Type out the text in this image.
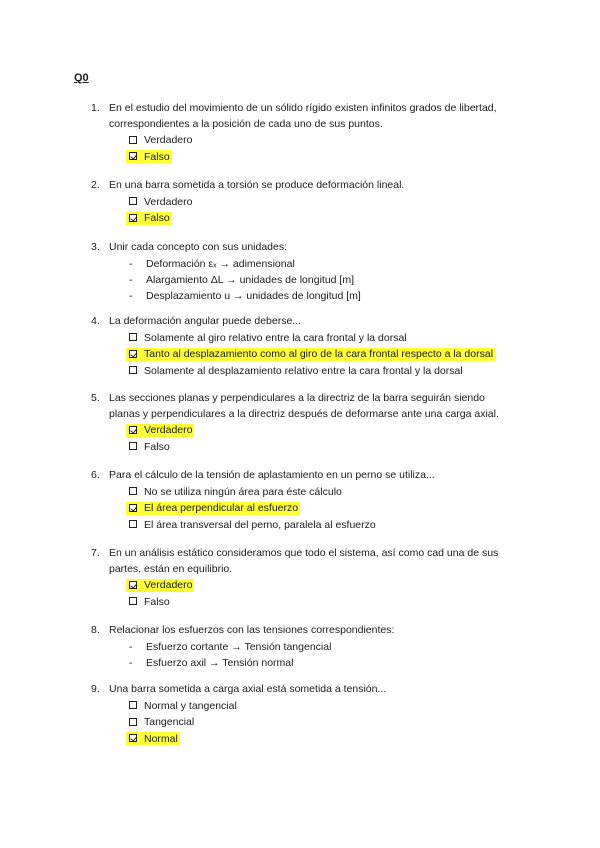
Q0
1. En el estudio del movimiento de un sólido rígido existen infinitos grados de libertad,
correspondientes a la posición de cada uno de sus puntos.
Verdadero
Falso
2. En una barra sometida a torsión se produce deformación lineal.
Verdadero
Falso
3. Unir cada concepto con sus unidades:
- Deformación εₓ → adimensional
- Alargamiento ΔL → unidades de longitud [m]
- Desplazamiento u → unidades de longitud [m]
4. La deformación angular puede deberse...
Solamente al giro relativo entre la cara frontal y la dorsal
Tanto al desplazamiento como al giro de la cara frontal respecto a la dorsal
Solamente al desplazamiento relativo entre la cara frontal y la dorsal
5. Las secciones planas y perpendiculares a la directriz de la barra seguirán siendo
planas y perpendiculares a la directriz después de deformarse ante una carga axial.
Verdadero
Falso
6. Para el cálculo de la tensión de aplastamiento en un perno se utiliza...
No se utiliza ningún área para éste cálculo
El área perpendicular al esfuerzo
El área transversal del perno, paralela al esfuerzo
7. En un análisis estático consideramos que todo el sistema, así como cad una de sus
partes, están en equilibrio.
Verdadero
Falso
8. Relacionar los esfuerzos con las tensiones correspondientes:
- Esfuerzo cortante → Tensión tangencial
- Esfuerzo axil → Tensión normal
9. Una barra sometida a carga axial está sometida a tensión...
Normal y tangencial
Tangencial
Normal
